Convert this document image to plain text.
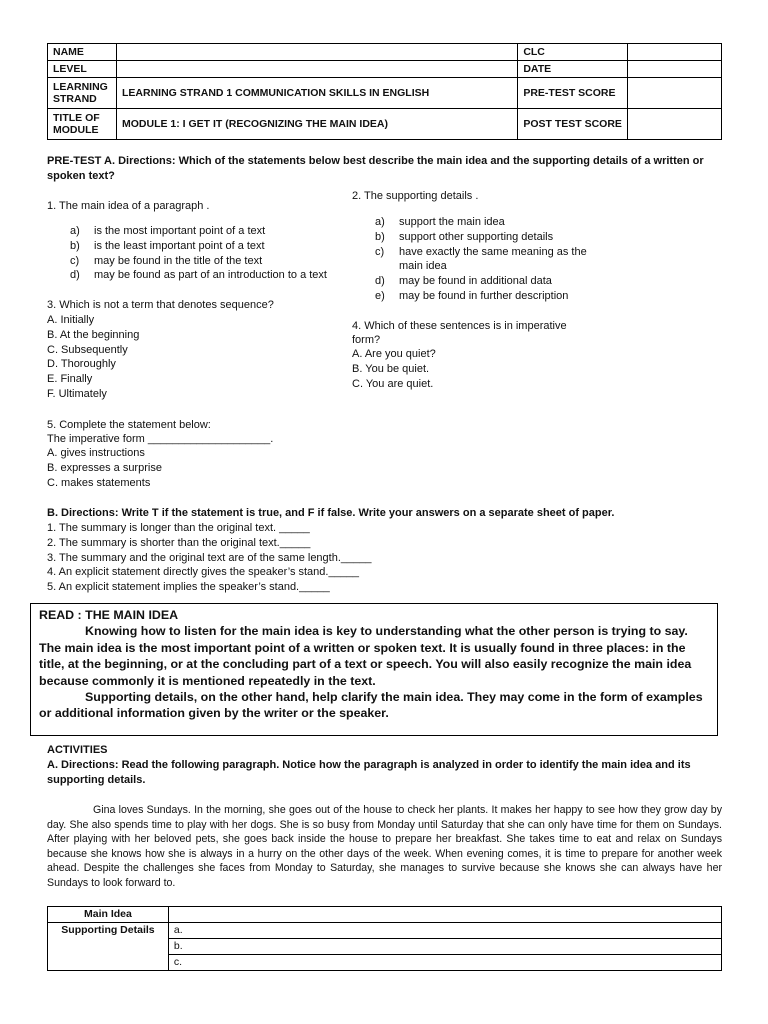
NAME		CLC	
LEVEL		DATE	
LEARNING STRAND	LEARNING STRAND 1 COMMUNICATION SKILLS IN ENGLISH	PRE-TEST SCORE	
TITLE OF MODULE	MODULE 1: I GET IT (RECOGNIZING THE MAIN IDEA)	POST TEST SCORE	
PRE-TEST A. Directions: Which of the statements below best describe the main idea and the supporting details of a written or
spoken text?
1. The main idea of a paragraph .
a)	is the most important point of a text
b)	is the least important point of a text
c)	may be found in the title of the text
d)	may be found as part of an introduction to a text
2. The supporting details .
a)	support the main idea
b)	support other supporting details
c)	have exactly the same meaning as the main idea
d)	may be found in additional data
e)	may be found in further description
3. Which is not a term that denotes sequence?
A. Initially
B. At the beginning
C. Subsequently
D. Thoroughly
E. Finally
F. Ultimately
4. Which of these sentences is in imperative
form?
A. Are you quiet?
B. You be quiet.
C. You are quiet.
5. Complete the statement below:
The imperative form ____________________.
A. gives instructions
B. expresses a surprise
C. makes statements
B. Directions: Write T if the statement is true, and F if false. Write your answers on a separate sheet of paper.
1. The summary is longer than the original text. _____
2. The summary is shorter than the original text._____
3. The summary and the original text are of the same length._____
4. An explicit statement directly gives the speaker’s stand._____
5. An explicit statement implies the speaker’s stand._____

READ : THE MAIN IDEA

Knowing how to listen for the main idea is key to understanding what the other person is trying to say. The main idea is the most important point of a written or spoken text. It is usually found in three places: in the title, at the beginning, or at the concluding part of a text or speech. You will also easily recognize the main idea because commonly it is mentioned repeatedly in the text.

Supporting details, on the other hand, help clarify the main idea. They may come in the form of examples or additional information given by the writer or the speaker.

ACTIVITIES
A. Directions: Read the following paragraph. Notice how the paragraph is analyzed in order to identify the main idea and its
supporting details.
Gina loves Sundays. In the morning, she goes out of the house to check her plants. It makes her happy to see how they grow day by day. She also spends time to play with her dogs. She is so busy from Monday until Saturday that she can only have time for them on Sundays. After playing with her beloved pets, she goes back inside the house to prepare her breakfast. She takes time to eat and relax on Sundays because she knows how she is always in a hurry on the other days of the week. When evening comes, it is time to prepare for another week ahead. Despite the challenges she faces from Monday to Saturday, she manages to survive because she knows she can always have her Sundays to look forward to.
Main Idea	
Supporting Details	a.
	b.
	c.
